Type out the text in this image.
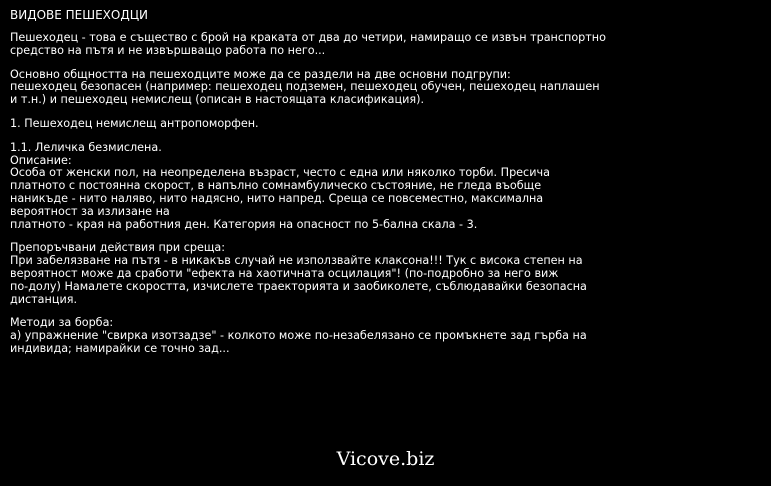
ВИДОВЕ ПЕШЕХОДЦИ
Пешеходец - това е същество с брой на краката от два до четири, намиращо се извън транспортно
средство на пътя и не извършващо работа по него...
Основно общността на пешеходците може да се раздели на две основни подгрупи:
пешеходец безопасен (например: пешеходец подземен, пешеходец обучен, пешеходец наплашен
и т.н.) и пешеходец немислещ (описан в настоящата класификация).
1. Пешеходец немислещ антропоморфен.
1.1. Леличка безмислена.
Описание:
Особа от женски пол, на неопределена възраст, често с една или няколко торби. Пресича
платното с постоянна скорост, в напълно сомнамбулическо състояние, не гледа въобще
наникъде - нито наляво, нито надясно, нито напред. Среща се повсеместно, максимална
вероятност за излизане на
платното - края на работния ден. Категория на опасност по 5-бална скала - 3.
Препоръчвани действия при среща:
При забелязване на пътя - в никакъв случай не използвайте клаксона!!! Тук с висока степен на
вероятност може да сработи "ефекта на хаотичната осцилация"! (по-подробно за него виж
по-долу) Намалете скоростта, изчислете траекторията и заобиколете, съблюдавайки безопасна
дистанция.
Методи за борба:
а) упражнение "свирка изотзадзе" - колкото може по-незабелязано се промъкнете зад гърба на
индивида; намирайки се точно зад...
Vicove.biz
